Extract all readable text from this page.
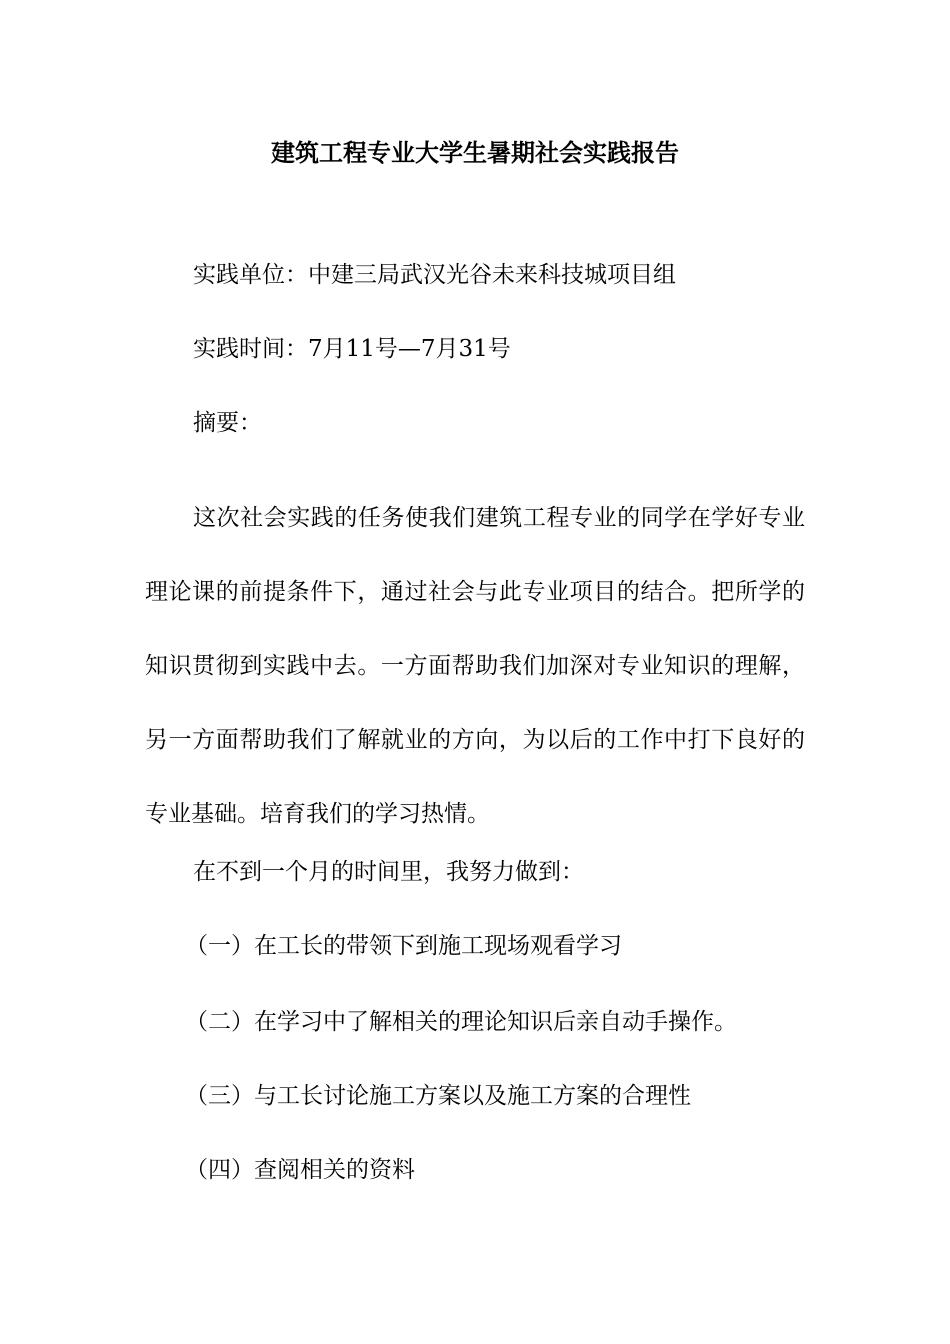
建筑工程专业大学生暑期社会实践报告
实践单位：中建三局武汉光谷未来科技城项目组
实践时间：7月11号—7月31号
摘要：

这次社会实践的任务使我们建筑工程专业的同学在学好专业理论课的前提条件下，通过社会与此专业项目的结合。把所学的知识贯彻到实践中去。一方面帮助我们加深对专业知识的理解，另一方面帮助我们了解就业的方向，为以后的工作中打下良好的专业基础。培育我们的学习热情。

在不到一个月的时间里，我努力做到：
（一）在工长的带领下到施工现场观看学习
（二）在学习中了解相关的理论知识后亲自动手操作。
（三）与工长讨论施工方案以及施工方案的合理性
（四）查阅相关的资料
